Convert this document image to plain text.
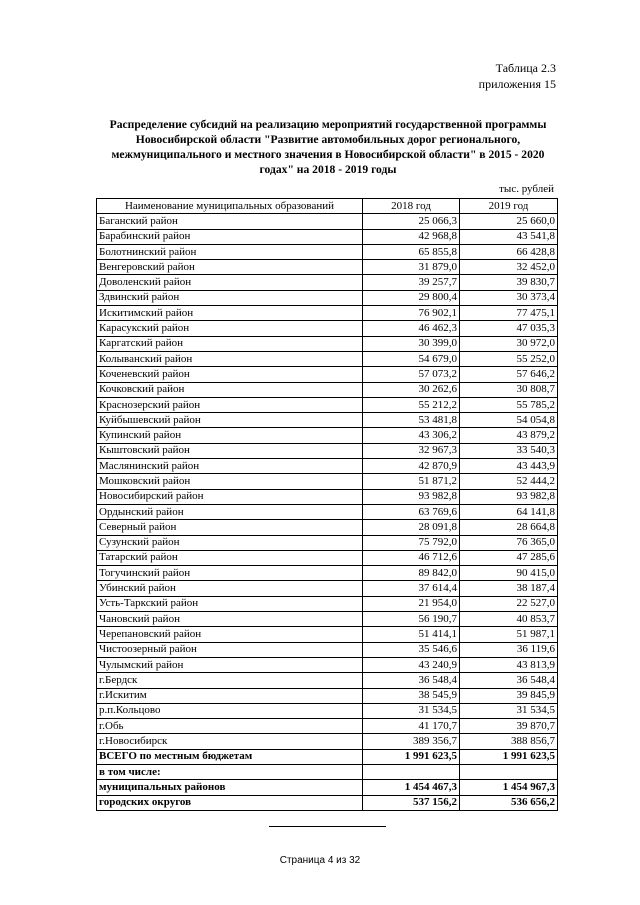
Таблица 2.3
приложения 15
Распределение субсидий на реализацию мероприятий государственной программы
Новосибирской области "Развитие автомобильных дорог регионального,
межмуниципального и местного значения в Новосибирской области" в 2015 - 2020
годах" на 2018 - 2019 годы
тыс. рублей
Наименование муниципальных образований	2018 год	2019 год
Баганский район	25 066,3	25 660,0
Барабинский район	42 968,8	43 541,8
Болотнинский район	65 855,8	66 428,8
Венгеровский район	31 879,0	32 452,0
Доволенский район	39 257,7	39 830,7
Здвинский район	29 800,4	30 373,4
Искитимский район	76 902,1	77 475,1
Карасукский район	46 462,3	47 035,3
Каргатский район	30 399,0	30 972,0
Колыванский район	54 679,0	55 252,0
Коченевский район	57 073,2	57 646,2
Кочковский район	30 262,6	30 808,7
Краснозерский район	55 212,2	55 785,2
Куйбышевский район	53 481,8	54 054,8
Купинский район	43 306,2	43 879,2
Кыштовский район	32 967,3	33 540,3
Маслянинский район	42 870,9	43 443,9
Мошковский район	51 871,2	52 444,2
Новосибирский район	93 982,8	93 982,8
Ордынский район	63 769,6	64 141,8
Северный район	28 091,8	28 664,8
Сузунский район	75 792,0	76 365,0
Татарский район	46 712,6	47 285,6
Тогучинский район	89 842,0	90 415,0
Убинский район	37 614,4	38 187,4
Усть-Таркский район	21 954,0	22 527,0
Чановский район	56 190,7	40 853,7
Черепановский район	51 414,1	51 987,1
Чистоозерный район	35 546,6	36 119,6
Чулымский район	43 240,9	43 813,9
г.Бердск	36 548,4	36 548,4
г.Искитим	38 545,9	39 845,9
р.п.Кольцово	31 534,5	31 534,5
г.Обь	41 170,7	39 870,7
г.Новосибирск	389 356,7	388 856,7
ВСЕГО по местным бюджетам	1 991 623,5	1 991 623,5
в том числе:		
муниципальных районов	1 454 467,3	1 454 967,3
городских округов	537 156,2	536 656,2
Страница 4 из 32
